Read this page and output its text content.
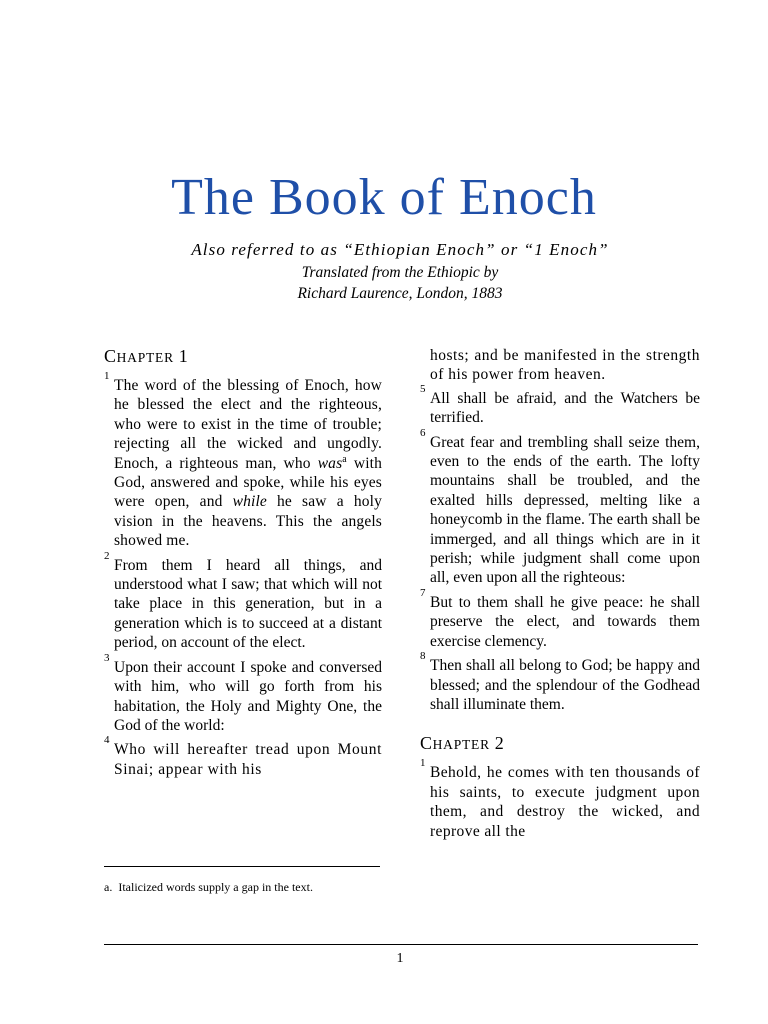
The Book of Enoch
Also referred to as “Ethiopian Enoch” or “1 Enoch”
Translated from the Ethiopic by
Richard Laurence, London, 1883
CHAPTER 1

1
The word of the blessing of Enoch, how he blessed the elect and the righteous, who were to exist in the time of trouble; rejecting all the wicked and ungodly. Enoch, a righteous man, who was$^a$ with God, answered and spoke, while his eyes were open, and while he saw a holy vision in the heavens. This the angels showed me.

2
From them I heard all things, and understood what I saw; that which will not take place in this generation, but in a generation which is to succeed at a distant period, on account of the elect.

3
Upon their account I spoke and conversed with him, who will go forth from his habitation, the Holy and Mighty One, the God of the world:

4
Who will hereafter tread upon Mount Sinai; appear with his

hosts; and be manifested in the strength of his power from heaven.

5
All shall be afraid, and the Watchers be terrified.

6
Great fear and trembling shall seize them, even to the ends of the earth. The lofty mountains shall be troubled, and the exalted hills depressed, melting like a honeycomb in the flame. The earth shall be immerged, and all things which are in it perish; while judgment shall come upon all, even upon all the righteous:

7
But to them shall he give peace: he shall preserve the elect, and towards them exercise clemency.

8
Then shall all belong to God; be happy and blessed; and the splendour of the Godhead shall illuminate them.

CHAPTER 2

1
Behold, he comes with ten thousands of his saints, to execute judgment upon them, and destroy the wicked, and reprove all the

a. Italicized words supply a gap in the text.
1
